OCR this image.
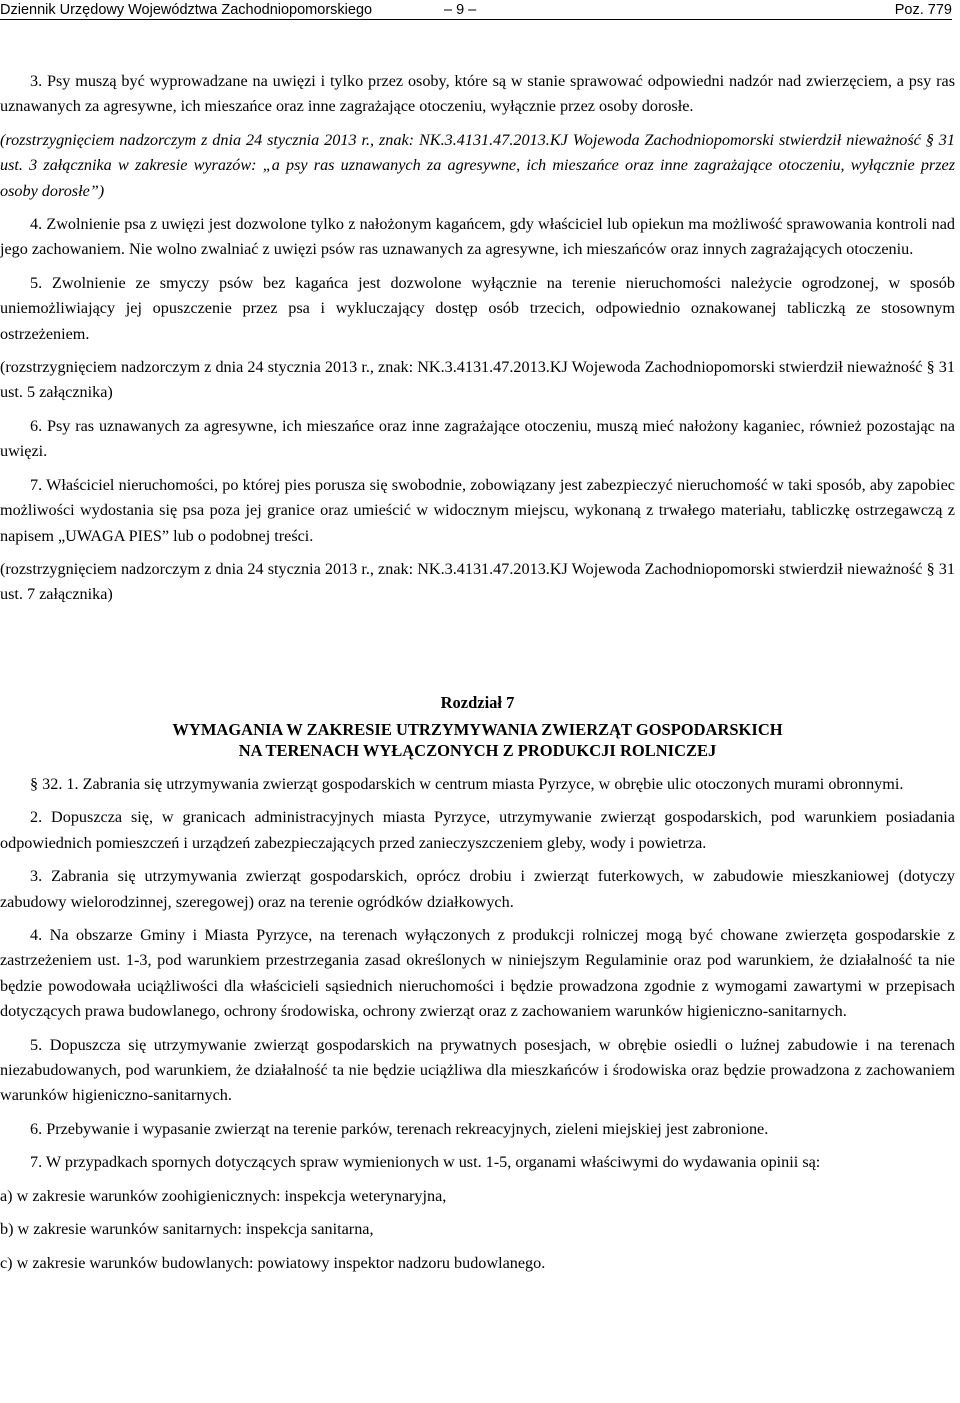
Dziennik Urzędowy Województwa Zachodniopomorskiego	– 9 –	Poz. 779

3. Psy muszą być wyprowadzane na uwięzi i tylko przez osoby, które są w stanie sprawować odpowiedni nadzór nad zwierzęciem, a psy ras uznawanych za agresywne, ich mieszańce oraz inne zagrażające otoczeniu, wyłącznie przez osoby dorosłe.

(rozstrzygnięciem nadzorczym z dnia 24 stycznia 2013 r., znak: NK.3.4131.47.2013.KJ Wojewoda Zachodniopomorski stwierdził nieważność § 31 ust. 3 załącznika w zakresie wyrazów: „a psy ras uznawanych za agresywne, ich mieszańce oraz inne zagrażające otoczeniu, wyłącznie przez osoby dorosłe”)

4. Zwolnienie psa z uwięzi jest dozwolone tylko z nałożonym kagańcem, gdy właściciel lub opiekun ma możliwość sprawowania kontroli nad jego zachowaniem. Nie wolno zwalniać z uwięzi psów ras uznawanych za agresywne, ich mieszańców oraz innych zagrażających otoczeniu.

5. Zwolnienie ze smyczy psów bez kagańca jest dozwolone wyłącznie na terenie nieruchomości należycie ogrodzonej, w sposób uniemożliwiający jej opuszczenie przez psa i wykluczający dostęp osób trzecich, odpowiednio oznakowanej tabliczką ze stosownym ostrzeżeniem.

(rozstrzygnięciem nadzorczym z dnia 24 stycznia 2013 r., znak: NK.3.4131.47.2013.KJ Wojewoda Zachodniopomorski stwierdził nieważność § 31 ust. 5 załącznika)

6. Psy ras uznawanych za agresywne, ich mieszańce oraz inne zagrażające otoczeniu, muszą mieć nałożony kaganiec, również pozostając na uwięzi.

7. Właściciel nieruchomości, po której pies porusza się swobodnie, zobowiązany jest zabezpieczyć nieruchomość w taki sposób, aby zapobiec możliwości wydostania się psa poza jej granice oraz umieścić w widocznym miejscu, wykonaną z trwałego materiału, tabliczkę ostrzegawczą z napisem „UWAGA PIES” lub o podobnej treści.

(rozstrzygnięciem nadzorczym z dnia 24 stycznia 2013 r., znak: NK.3.4131.47.2013.KJ Wojewoda Zachodniopomorski stwierdził nieważność § 31 ust. 7 załącznika)

Rozdział 7
WYMAGANIA W ZAKRESIE UTRZYMYWANIA ZWIERZĄT GOSPODARSKICH
NA TERENACH WYŁĄCZONYCH Z PRODUKCJI ROLNICZEJ

§ 32. 1. Zabrania się utrzymywania zwierząt gospodarskich w centrum miasta Pyrzyce, w obrębie ulic otoczonych murami obronnymi.

2. Dopuszcza się, w granicach administracyjnych miasta Pyrzyce, utrzymywanie zwierząt gospodarskich, pod warunkiem posiadania odpowiednich pomieszczeń i urządzeń zabezpieczających przed zanieczyszczeniem gleby, wody i powietrza.

3. Zabrania się utrzymywania zwierząt gospodarskich, oprócz drobiu i zwierząt futerkowych, w zabudowie mieszkaniowej (dotyczy zabudowy wielorodzinnej, szeregowej) oraz na terenie ogródków działkowych.

4. Na obszarze Gminy i Miasta Pyrzyce, na terenach wyłączonych z produkcji rolniczej mogą być chowane zwierzęta gospodarskie z zastrzeżeniem ust. 1-3, pod warunkiem przestrzegania zasad określonych w niniejszym Regulaminie oraz pod warunkiem, że działalność ta nie będzie powodowała uciążliwości dla właścicieli sąsiednich nieruchomości i będzie prowadzona zgodnie z wymogami zawartymi w przepisach dotyczących prawa budowlanego, ochrony środowiska, ochrony zwierząt oraz z zachowaniem warunków higieniczno-sanitarnych.

5. Dopuszcza się utrzymywanie zwierząt gospodarskich na prywatnych posesjach, w obrębie osiedli o luźnej zabudowie i na terenach niezabudowanych, pod warunkiem, że działalność ta nie będzie uciążliwa dla mieszkańców i środowiska oraz będzie prowadzona z zachowaniem warunków higieniczno-sanitarnych.

6. Przebywanie i wypasanie zwierząt na terenie parków, terenach rekreacyjnych, zieleni miejskiej jest zabronione.

7. W przypadkach spornych dotyczących spraw wymienionych w ust. 1-5, organami właściwymi do wydawania opinii są:

a) w zakresie warunków zoohigienicznych: inspekcja weterynaryjna,

b) w zakresie warunków sanitarnych: inspekcja sanitarna,

c) w zakresie warunków budowlanych: powiatowy inspektor nadzoru budowlanego.
